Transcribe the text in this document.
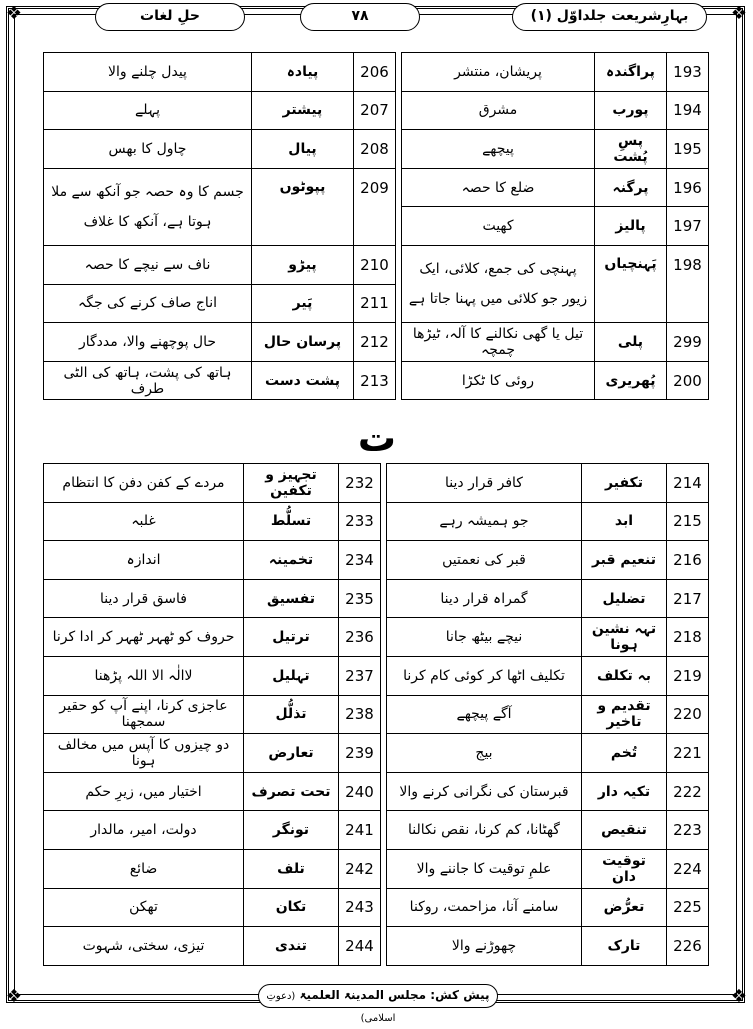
❖	❖
❖	❖
حلِ لغات	۷۸	بہارِشریعت جلداوّل (۱)
193	پراگندہ	پریشان، منتشر		206	پیادہ	پیدل چلنے والا
194	پورب	مشرق		207	پیشتر	پہلے
195	پسِ پُشت	پیچھے		208	پیال	چاول کا بھس
196	پرگنہ	ضلع کا حصہ		209	پپوٹوں	جسم کا وہ حصہ جو آنکھ سے ملا ہوتا ہے، آنکھ کا غلاف
197	پالیز	کھیت				
198	پَہنچیاں	پہنچی کی جمع، کلائی، ایک زیور جو کلائی میں پہنا جاتا ہے		210	پیڑو	ناف سے نیچے کا حصہ
				211	پَیر	اناج صاف کرنے کی جگہ
299	پلی	تیل یا گھی نکالنے کا آلہ، ٹیڑھا چمچہ		212	پرسان حال	حال پوچھنے والا، مددگار
200	پُھریری	روئی کا ٹکڑا		213	پشت دست	ہاتھ کی پشت، ہاتھ کی الٹی طرف
ت
214	تکفیر	کافر قرار دینا		232	تجہیز و تکفین	مردے کے کفن دفن کا انتظام
215	ابد	جو ہمیشہ رہے		233	تسلُّط	غلبہ
216	تنعیم قبر	قبر کی نعمتیں		234	تخمینہ	اندازہ
217	تضلیل	گمراہ قرار دینا		235	تفسیق	فاسق قرار دینا
218	تہہ نشین ہونا	نیچے بیٹھ جانا		236	ترتیل	حروف کو ٹھہر ٹھہر کر ادا کرنا
219	بہ تکلف	تکلیف اٹھا کر کوئی کام کرنا		237	تہلیل	لاالٰہ الا اللہ پڑھنا
220	تقدیم و تاخیر	آگے پیچھے		238	تذلُّل	عاجزی کرنا، اپنے آپ کو حقیر سمجھنا
221	تُخم	بیج		239	تعارض	دو چیزوں کا آپس میں مخالف ہونا
222	تکیہ دار	قبرستان کی نگرانی کرنے والا		240	تحت تصرف	اختیار میں، زیرِ حکم
223	تنقیص	گھٹانا، کم کرنا، نقص نکالنا		241	تونگر	دولت، امیر، مالدار
224	توقیت دان	علمِ توقیت کا جاننے والا		242	تلف	ضائع
225	تعرُّض	سامنے آنا، مزاحمت، روکنا		243	تکان	تھکن
226	تارک	چھوڑنے والا		244	تندی	تیزی، سختی، شہوت
پیش کش: مجلس المدینۃ العلمیۃ (دعوتِ اسلامی)
